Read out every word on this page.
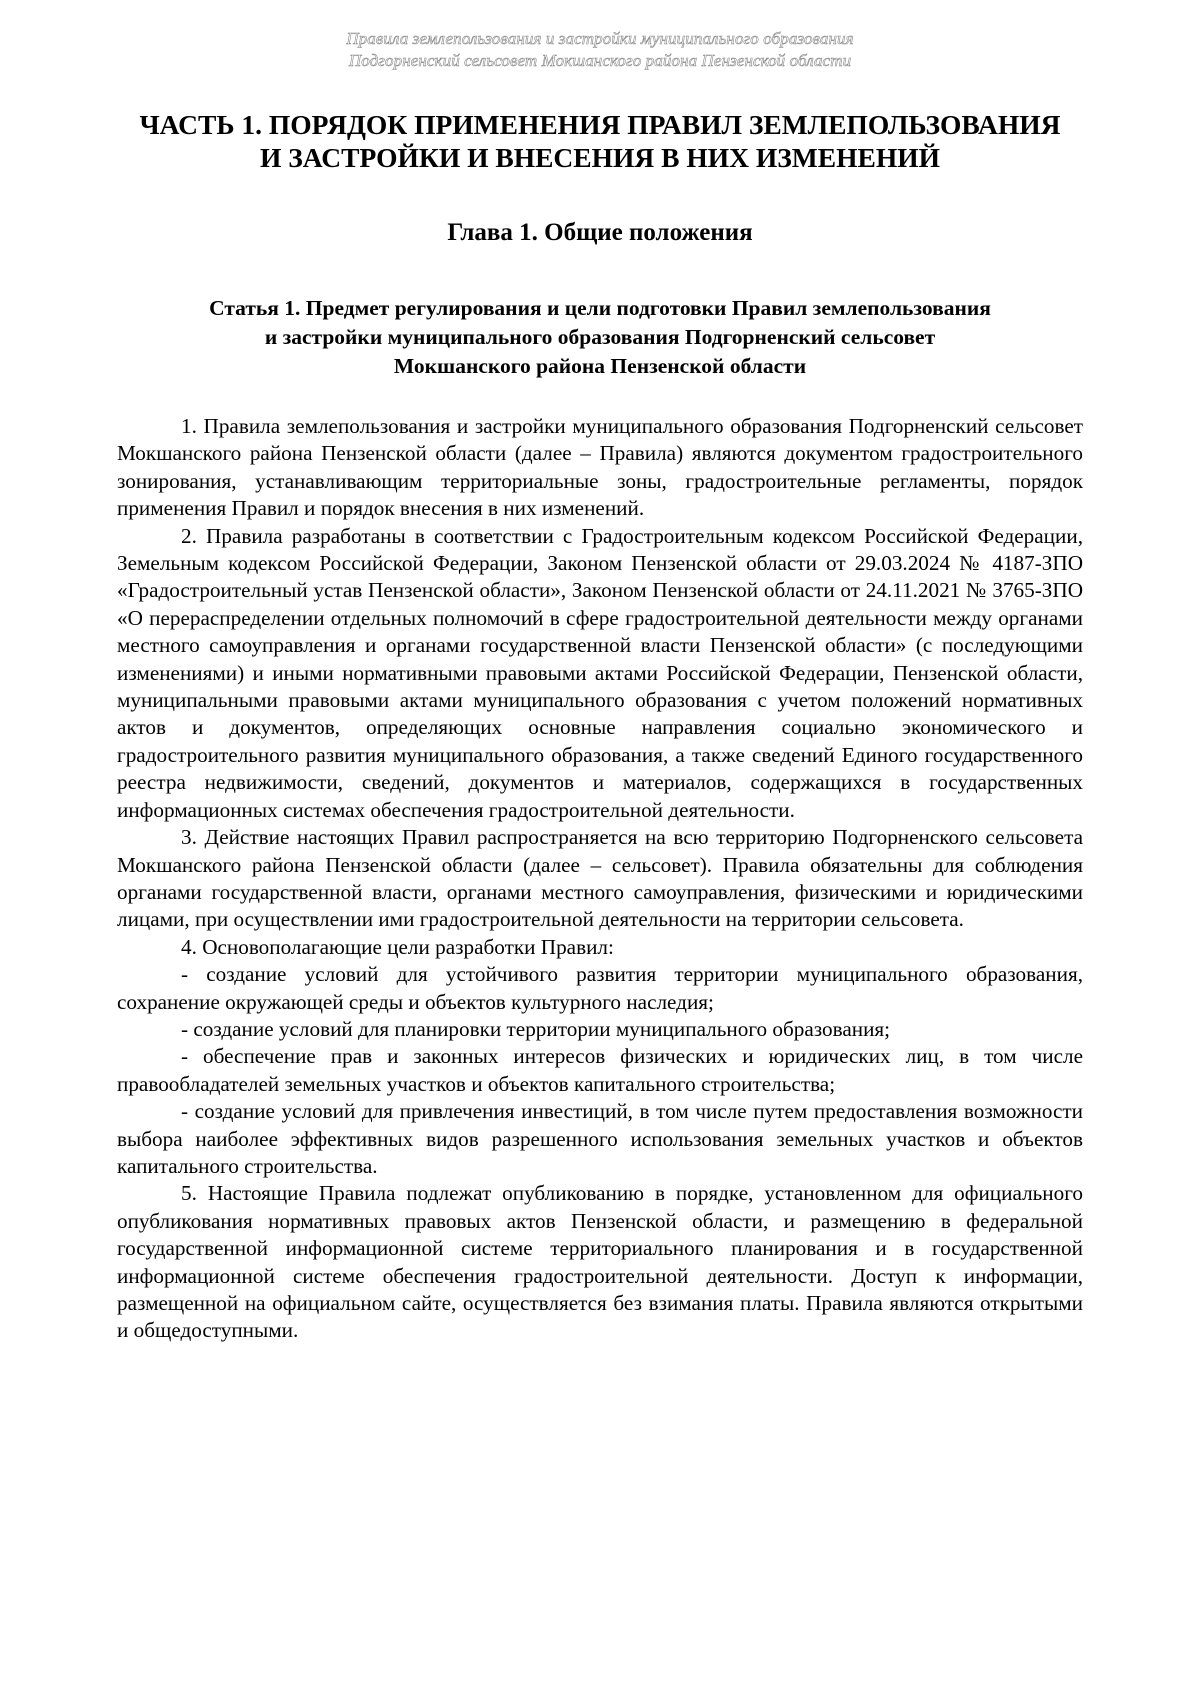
Правила землепользования и застройки муниципального образования
Подгорненский сельсовет Мокшанского района Пензенской области
ЧАСТЬ 1. ПОРЯДОК ПРИМЕНЕНИЯ ПРАВИЛ ЗЕМЛЕПОЛЬЗОВАНИЯ
И ЗАСТРОЙКИ И ВНЕСЕНИЯ В НИХ ИЗМЕНЕНИЙ
Глава 1. Общие положения
Статья 1. Предмет регулирования и цели подготовки Правил землепользования
и застройки муниципального образования Подгорненский сельсовет
Мокшанского района Пензенской области

1. Правила землепользования и застройки муниципального образования Подгорненский сельсовет Мокшанского района Пензенской области (далее – Правила) являются документом градостроительного зонирования, устанавливающим территориальные зоны, градостроительные регламенты, порядок применения Правил и порядок внесения в них изменений.

2. Правила разработаны в соответствии с Градостроительным кодексом Российской Федерации, Земельным кодексом Российской Федерации, Законом Пензенской области от 29.03.2024 № 4187-ЗПО «Градостроительный устав Пензенской области», Законом Пензенской области от 24.11.2021 № 3765-ЗПО «О перераспределении отдельных полномочий в сфере градостроительной деятельности между органами местного самоуправления и органами государственной власти Пензенской области» (с последующими изменениями) и иными нормативными правовыми актами Российской Федерации, Пензенской области, муниципальными правовыми актами муниципального образования с учетом положений нормативных актов и документов, определяющих основные направления социально экономического и градостроительного развития муниципального образования, а также сведений Единого государственного реестра недвижимости, сведений, документов и материалов, содержащихся в государственных информационных системах обеспечения градостроительной деятельности.

3. Действие настоящих Правил распространяется на всю территорию Подгорненского сельсовета Мокшанского района Пензенской области (далее – сельсовет). Правила обязательны для соблюдения органами государственной власти, органами местного самоуправления, физическими и юридическими лицами, при осуществлении ими градостроительной деятельности на территории сельсовета.

4. Основополагающие цели разработки Правил:

- создание условий для устойчивого развития территории муниципального образования, сохранение окружающей среды и объектов культурного наследия;

- создание условий для планировки территории муниципального образования;

- обеспечение прав и законных интересов физических и юридических лиц, в том числе правообладателей земельных участков и объектов капитального строительства;

- создание условий для привлечения инвестиций, в том числе путем предоставления возможности выбора наиболее эффективных видов разрешенного использования земельных участков и объектов капитального строительства.

5. Настоящие Правила подлежат опубликованию в порядке, установленном для официального опубликования нормативных правовых актов Пензенской области, и размещению в федеральной государственной информационной системе территориального планирования и в государственной информационной системе обеспечения градостроительной деятельности. Доступ к информации, размещенной на официальном сайте, осуществляется без взимания платы. Правила являются открытыми и общедоступными.
